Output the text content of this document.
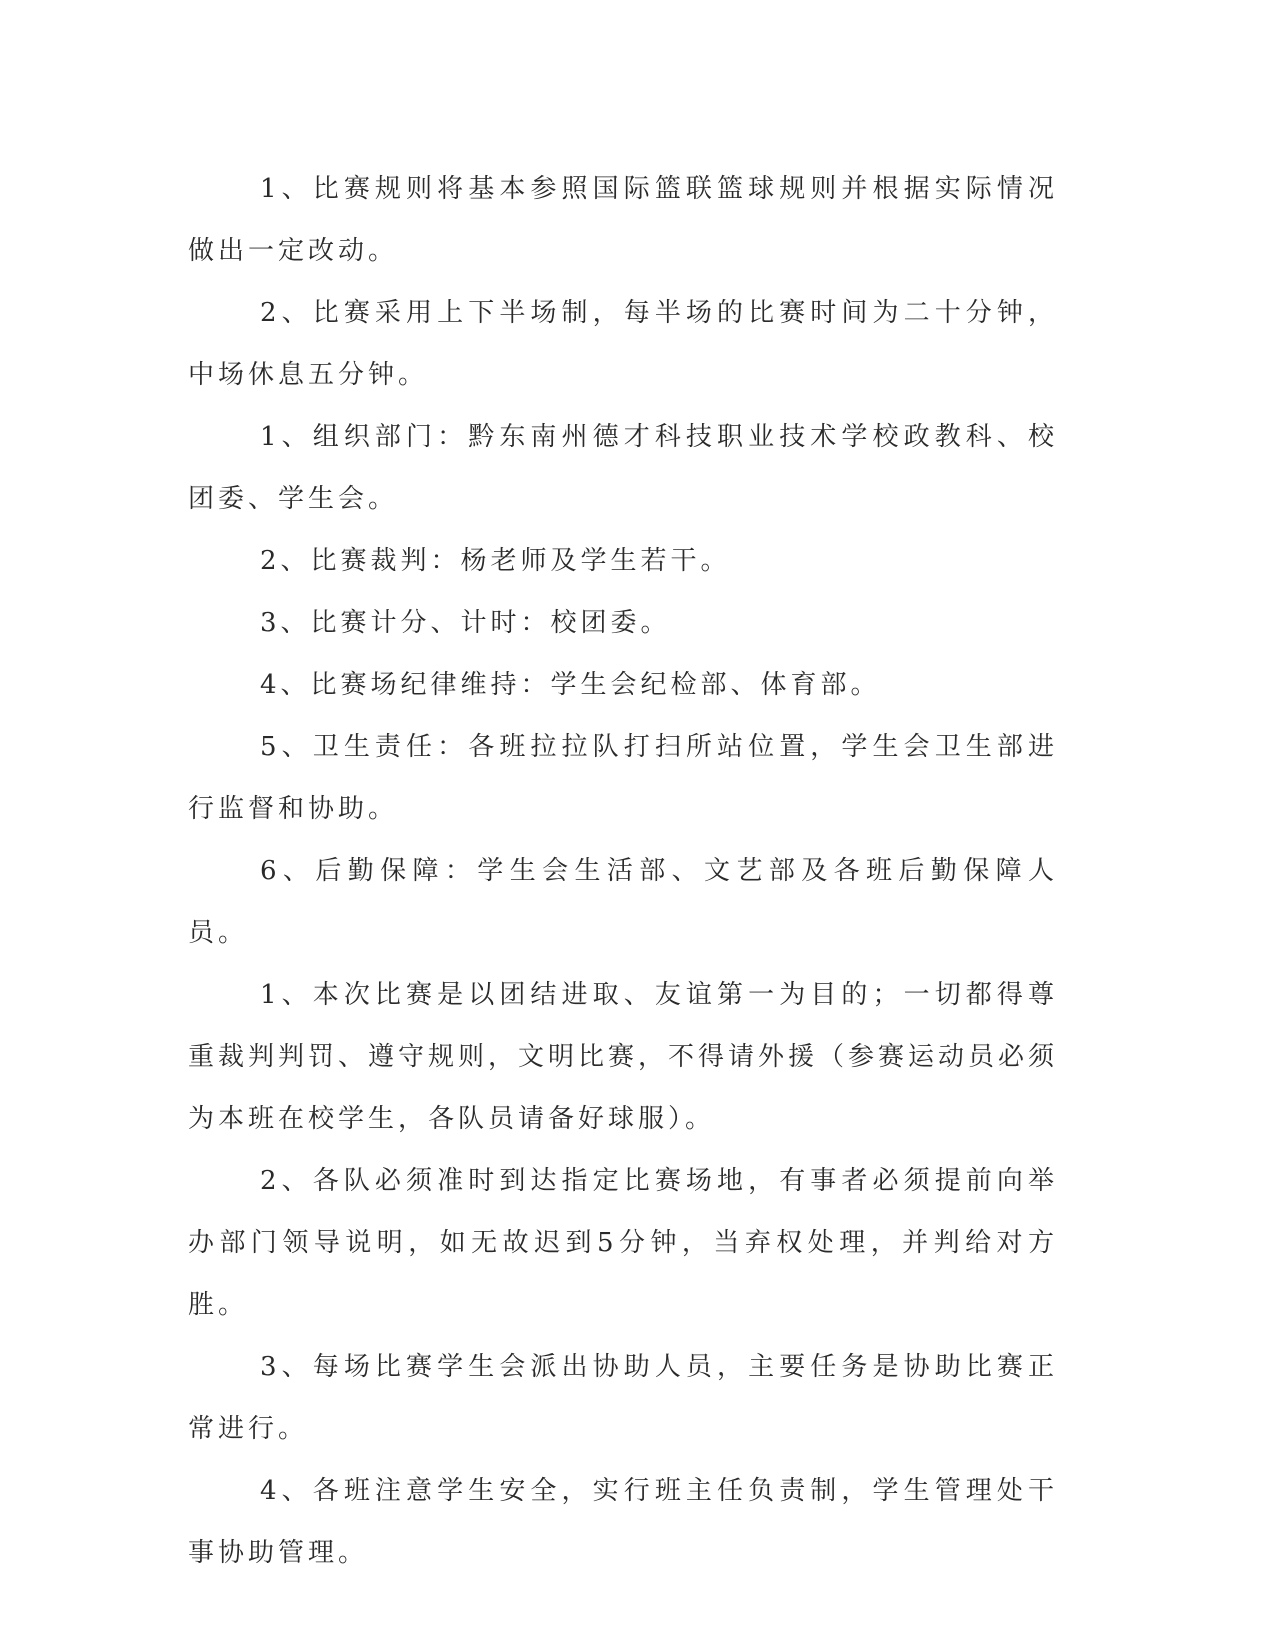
1、比赛规则将基本参照国际篮联篮球规则并根据实际情况做出一定改动。

2、比赛采用上下半场制，每半场的比赛时间为二十分钟，中场休息五分钟。

1、组织部门：黔东南州德才科技职业技术学校政教科、校团委、学生会。

2、比赛裁判：杨老师及学生若干。

3、比赛计分、计时：校团委。

4、比赛场纪律维持：学生会纪检部、体育部。

5、卫生责任：各班拉拉队打扫所站位置，学生会卫生部进行监督和协助。

6、后勤保障：学生会生活部、文艺部及各班后勤保障人员。

1、本次比赛是以团结进取、友谊第一为目的；一切都得尊重裁判判罚、遵守规则，文明比赛，不得请外援（参赛运动员必须为本班在校学生，各队员请备好球服）。

2、各队必须准时到达指定比赛场地，有事者必须提前向举办部门领导说明，如无故迟到5分钟，当弃权处理，并判给对方胜。

3、每场比赛学生会派出协助人员，主要任务是协助比赛正常进行。

4、各班注意学生安全，实行班主任负责制，学生管理处干事协助管理。
